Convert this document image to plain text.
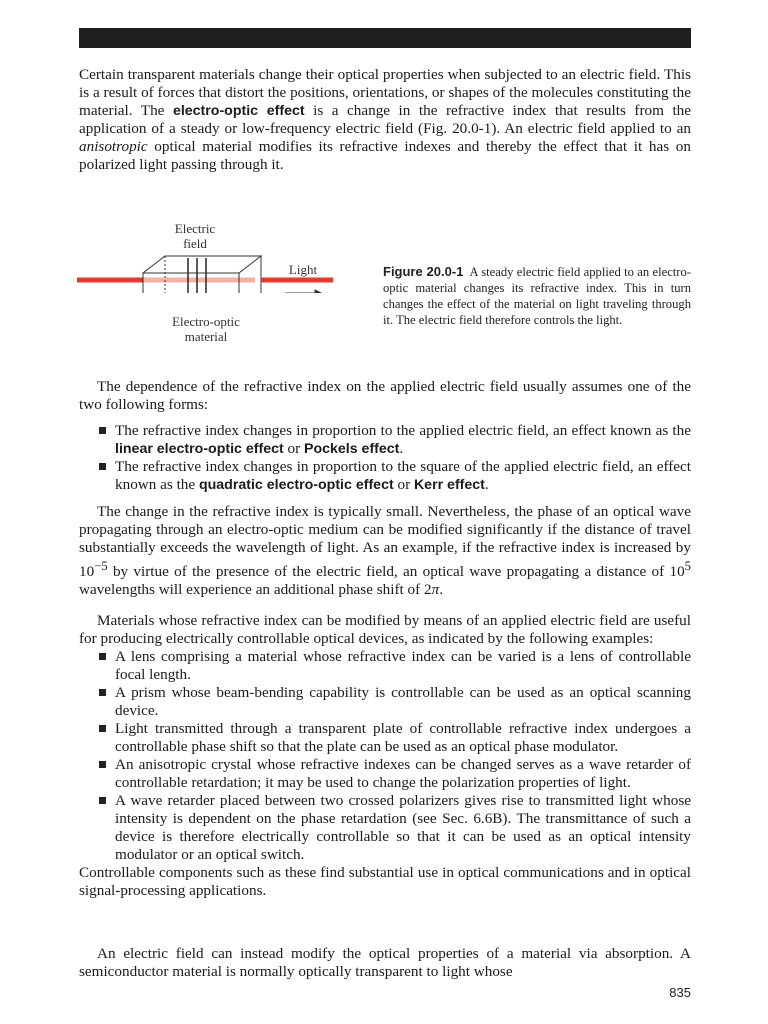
Certain transparent materials change their optical properties when subjected to an electric field. This is a result of forces that distort the positions, orientations, or shapes of the molecules constituting the material. The electro-optic effect is a change in the refractive index that results from the application of a steady or low-frequency electric field (Fig. 20.0-1). An electric field applied to an anisotropic optical material modifies its refractive indexes and thereby the effect that it has on polarized light passing through it.
Electric
field
Light
Electro-optic
material
Figure 20.0-1 A steady electric field applied to an electro-optic material changes its refractive index. This in turn changes the effect of the material on light traveling through it. The electric field therefore controls the light.
The dependence of the refractive index on the applied electric field usually assumes one of the two following forms:
The refractive index changes in proportion to the applied electric field, an effect known as the linear electro-optic effect or Pockels effect.
The refractive index changes in proportion to the square of the applied electric field, an effect known as the quadratic electro-optic effect or Kerr effect.
The change in the refractive index is typically small. Nevertheless, the phase of an optical wave propagating through an electro-optic medium can be modified significantly if the distance of travel substantially exceeds the wavelength of light. As an example, if the refractive index is increased by $10^{-5}$ by virtue of the presence of the electric field, an optical wave propagating a distance of $10^5$ wavelengths will experience an additional phase shift of 2π.
Materials whose refractive index can be modified by means of an applied electric field are useful for producing electrically controllable optical devices, as indicated by the following examples:
A lens comprising a material whose refractive index can be varied is a lens of controllable focal length.
A prism whose beam-bending capability is controllable can be used as an optical scanning device.
Light transmitted through a transparent plate of controllable refractive index undergoes a controllable phase shift so that the plate can be used as an optical phase modulator.
An anisotropic crystal whose refractive indexes can be changed serves as a wave retarder of controllable retardation; it may be used to change the polarization properties of light.
A wave retarder placed between two crossed polarizers gives rise to transmitted light whose intensity is dependent on the phase retardation (see Sec. 6.6B). The transmittance of such a device is therefore electrically controllable so that it can be used as an optical intensity modulator or an optical switch.
Controllable components such as these find substantial use in optical communications and in optical signal-processing applications.
An electric field can instead modify the optical properties of a material via absorption. A semiconductor material is normally optically transparent to light whose
835
